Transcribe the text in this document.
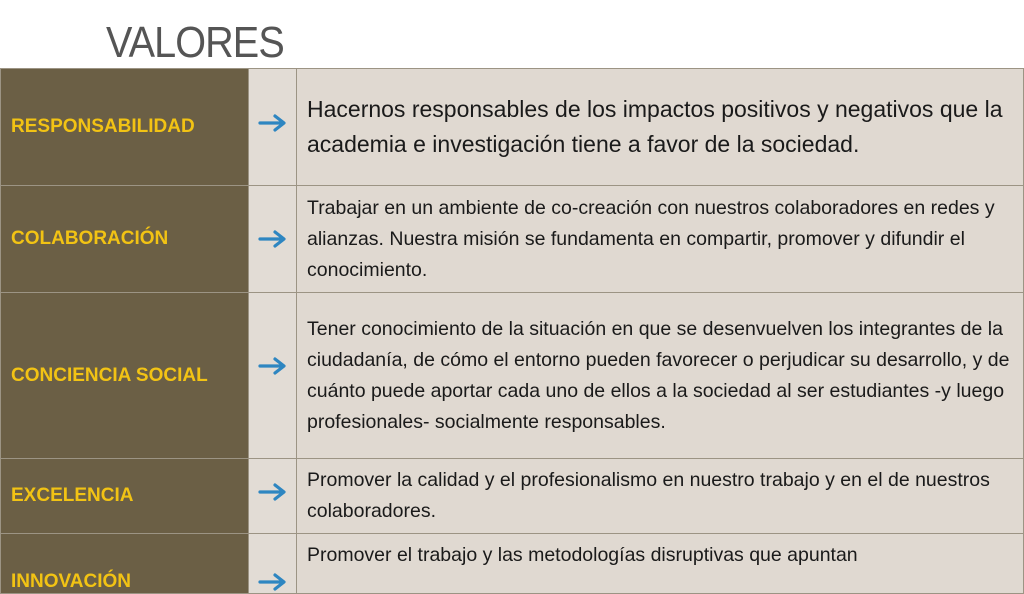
VALORES
RESPONSABILIDAD		Hacernos responsables de los impactos positivos y negativos que la academia e investigación tiene a favor de la sociedad.
COLABORACIÓN		Trabajar en un ambiente de co-creación con nuestros colaboradores en redes y alianzas. Nuestra misión se fundamenta en compartir, promover y difundir el conocimiento.
CONCIENCIA SOCIAL		Tener conocimiento de la situación en que se desenvuelven los integrantes de la ciudadanía, de cómo el entorno pueden favorecer o perjudicar su desarrollo, y de cuánto puede aportar cada uno de ellos a la sociedad al ser estudiantes -y luego profesionales- socialmente responsables.
EXCELENCIA		Promover la calidad y el profesionalismo en nuestro trabajo y en el de nuestros colaboradores.
INNOVACIÓN		Promover el trabajo y las metodologías disruptivas que apuntan
